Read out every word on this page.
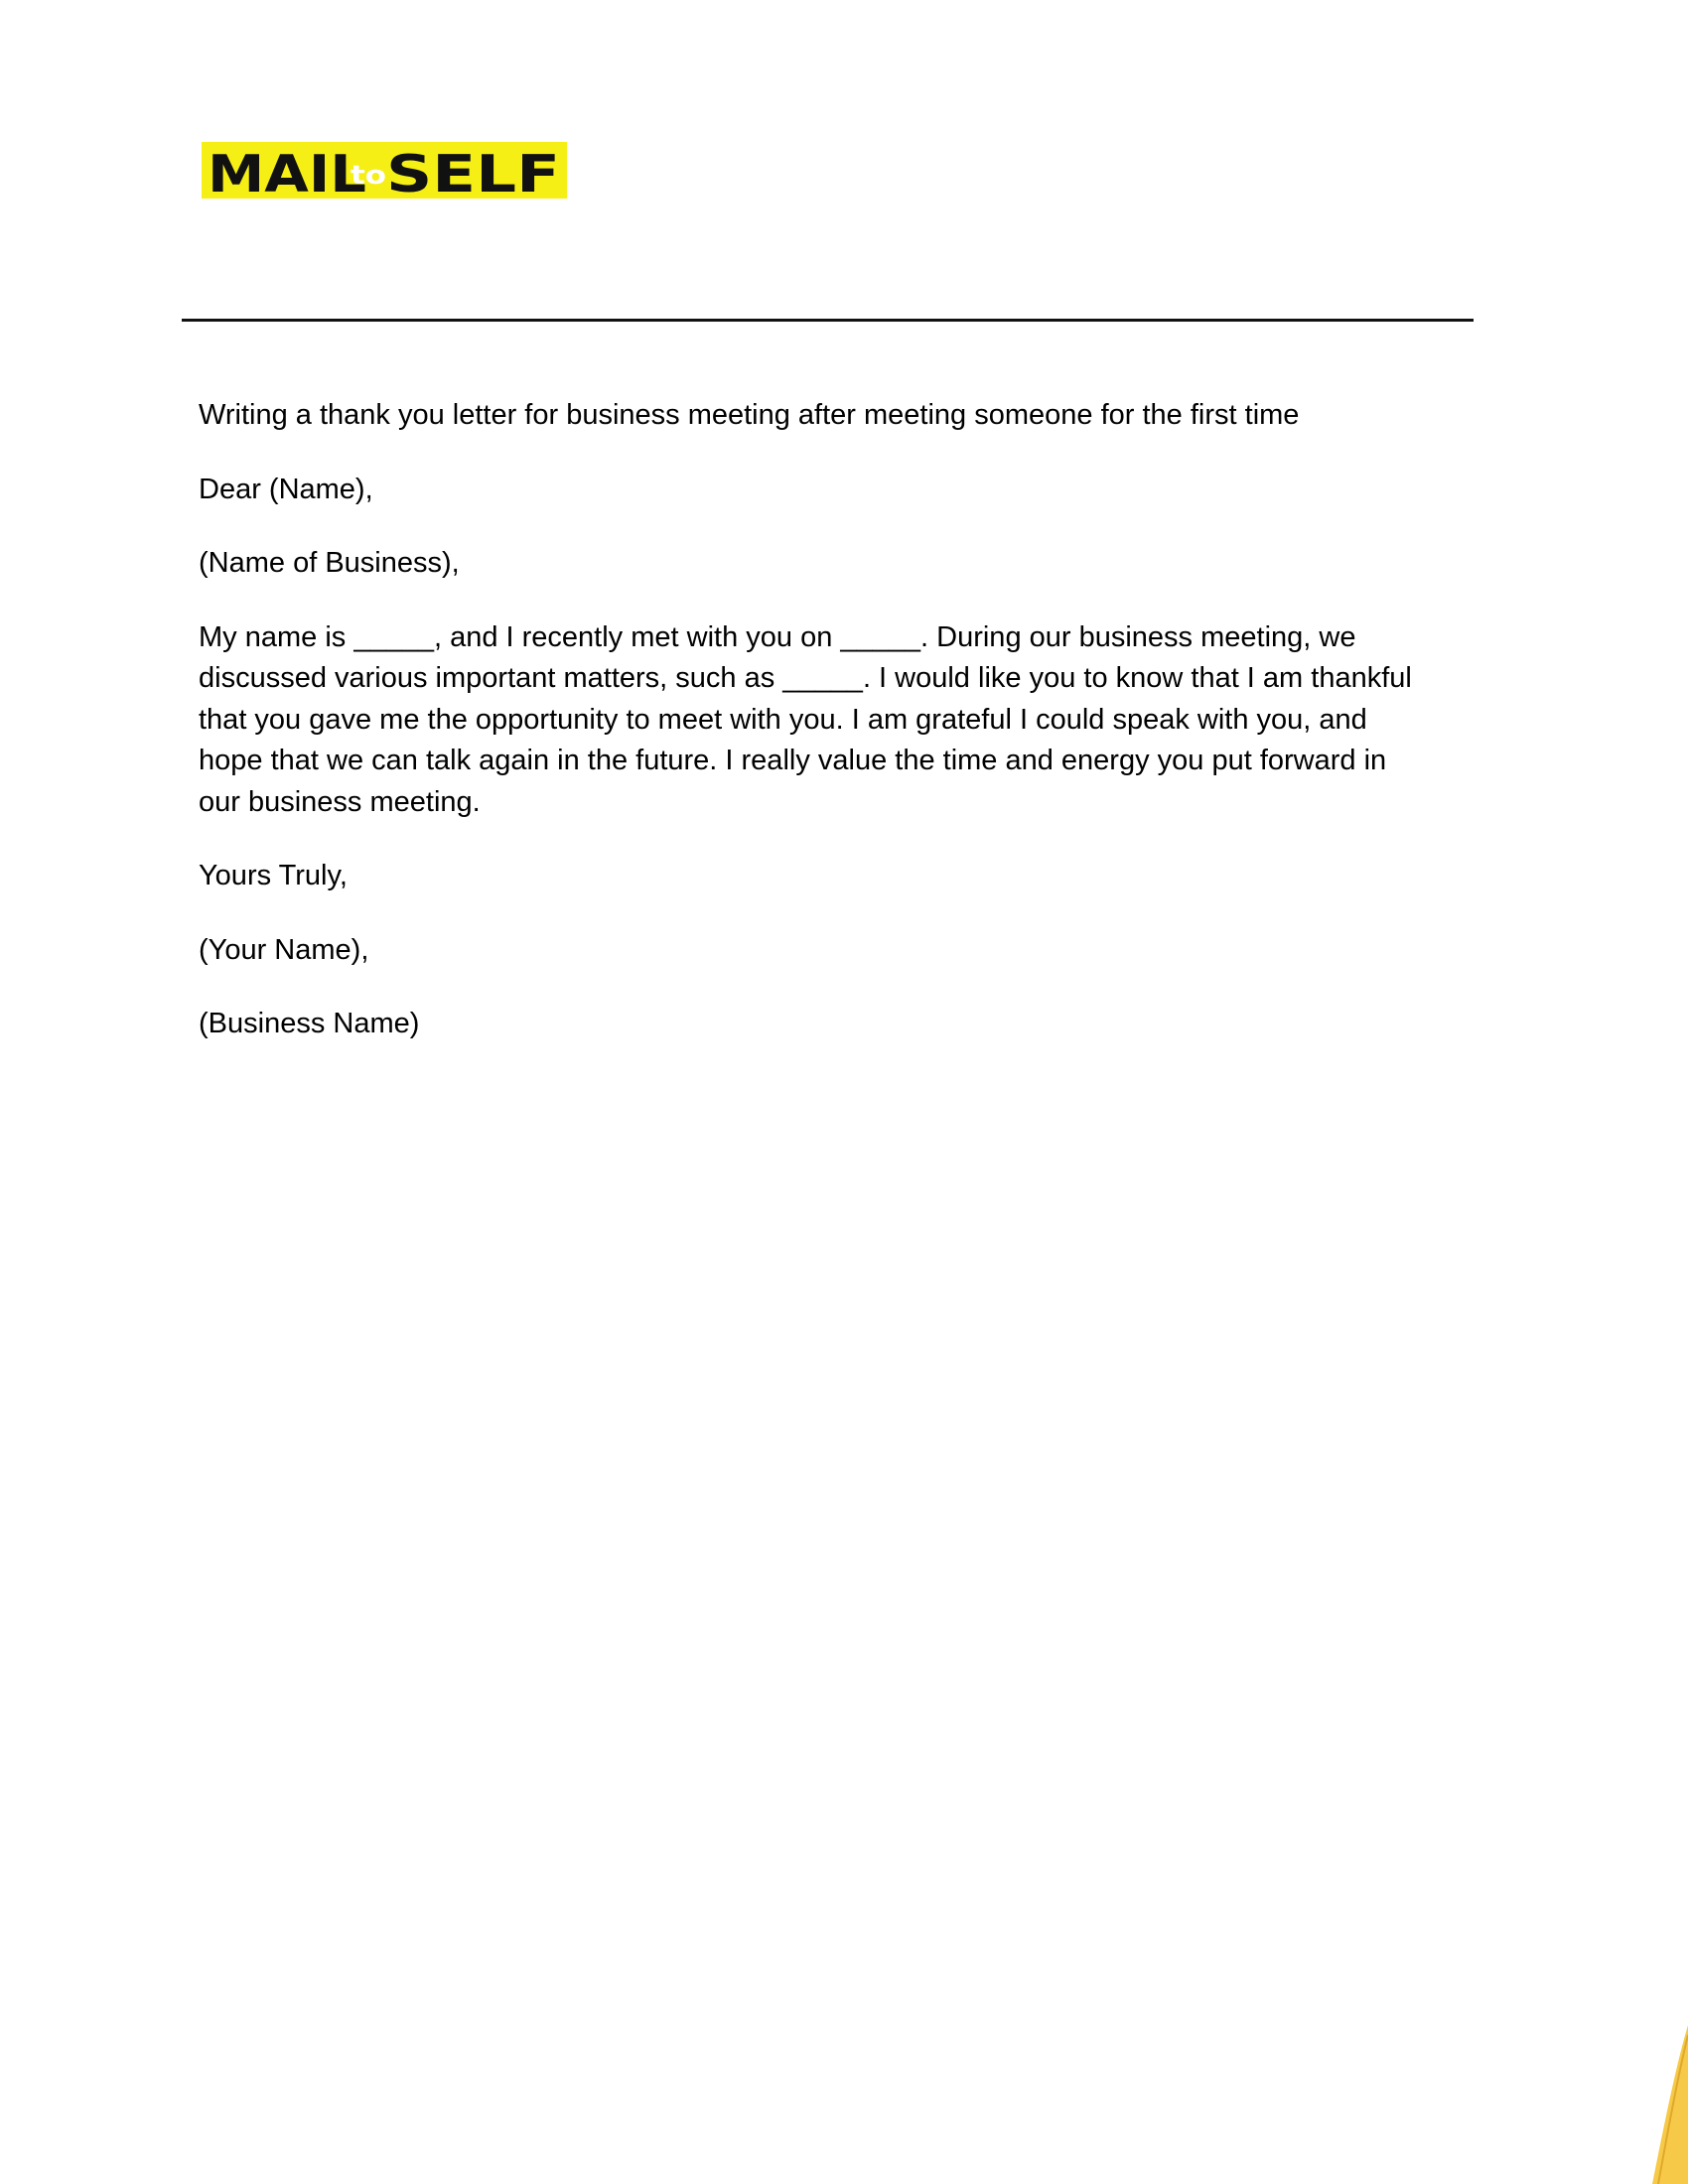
MAIL
to SELF

Writing a thank you letter for business meeting after meeting someone for the first time

Dear (Name),

(Name of Business),

My name is _____, and I recently met with you on _____. During our business meeting, we
discussed various important matters, such as _____. I would like you to know that I am thankful
that you gave me the opportunity to meet with you. I am grateful I could speak with you, and
hope that we can talk again in the future. I really value the time and energy you put forward in
our business meeting.

Yours Truly,

(Your Name),

(Business Name)
